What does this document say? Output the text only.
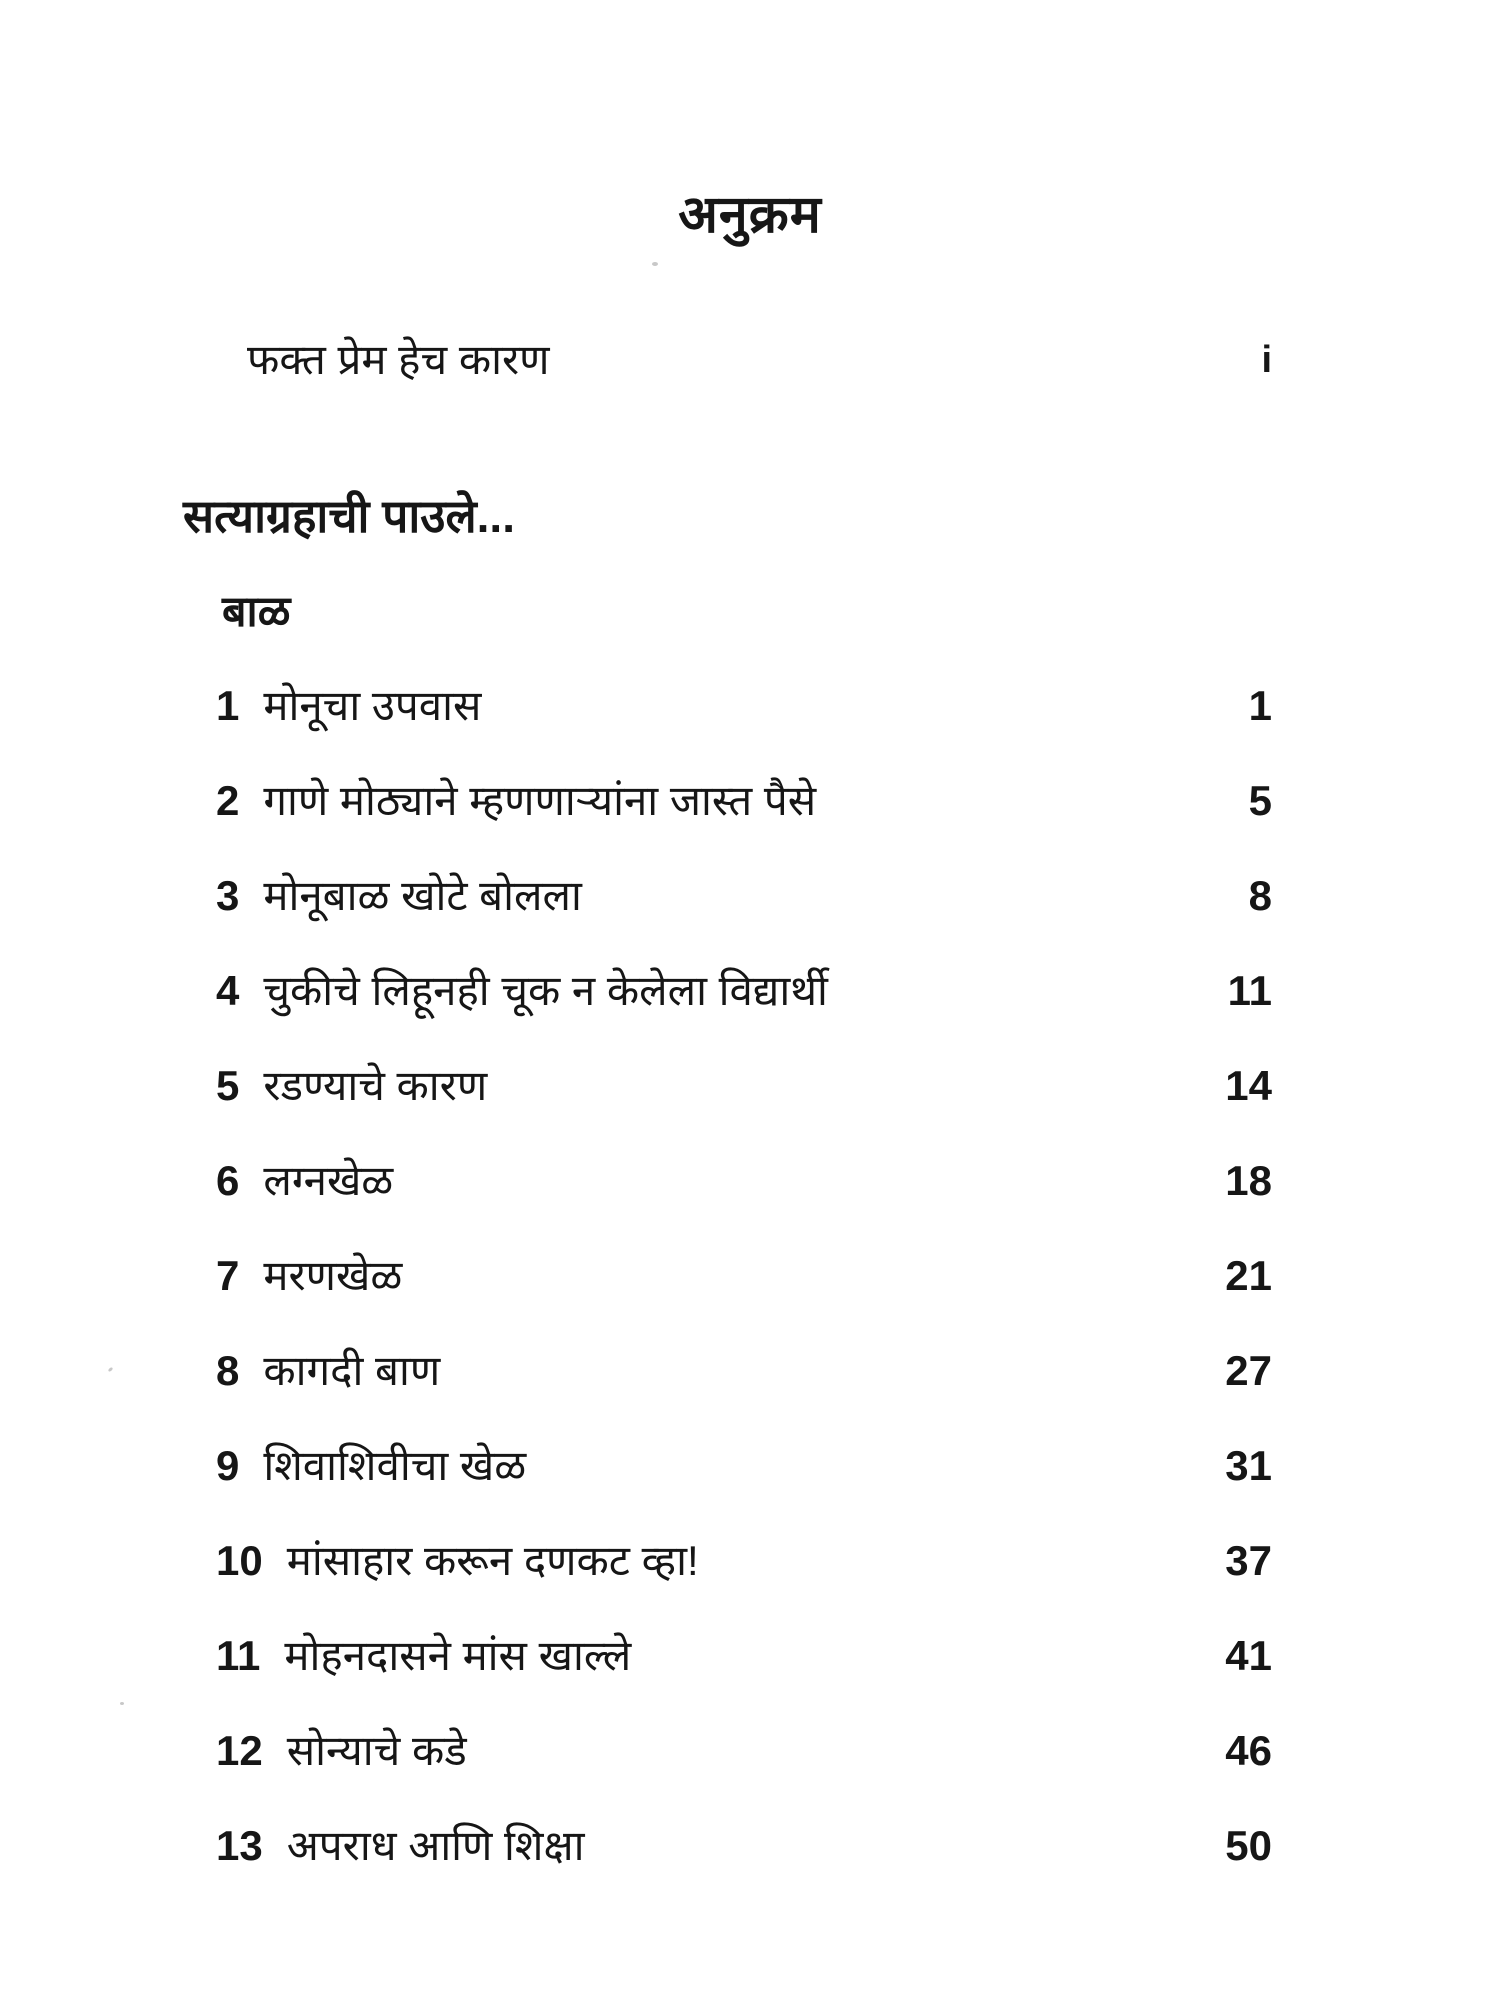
अनुक्रम
फक्त प्रेम हेच कारण	i
सत्याग्रहाची पाउले...
बाळ
1 मोनूचा उपवास	1
2 गाणे मोठ्याने म्हणणाऱ्यांना जास्त पैसे	5
3 मोनूबाळ खोटे बोलला	8
4 चुकीचे लिहूनही चूक न केलेला विद्यार्थी	11
5 रडण्याचे कारण	14
6 लग्नखेळ	18
7 मरणखेळ	21
8 कागदी बाण	27
9 शिवाशिवीचा खेळ	31
10 मांसाहार करून दणकट व्हा!	37
11 मोहनदासने मांस खाल्ले	41
12 सोन्याचे कडे	46
13 अपराध आणि शिक्षा	50
